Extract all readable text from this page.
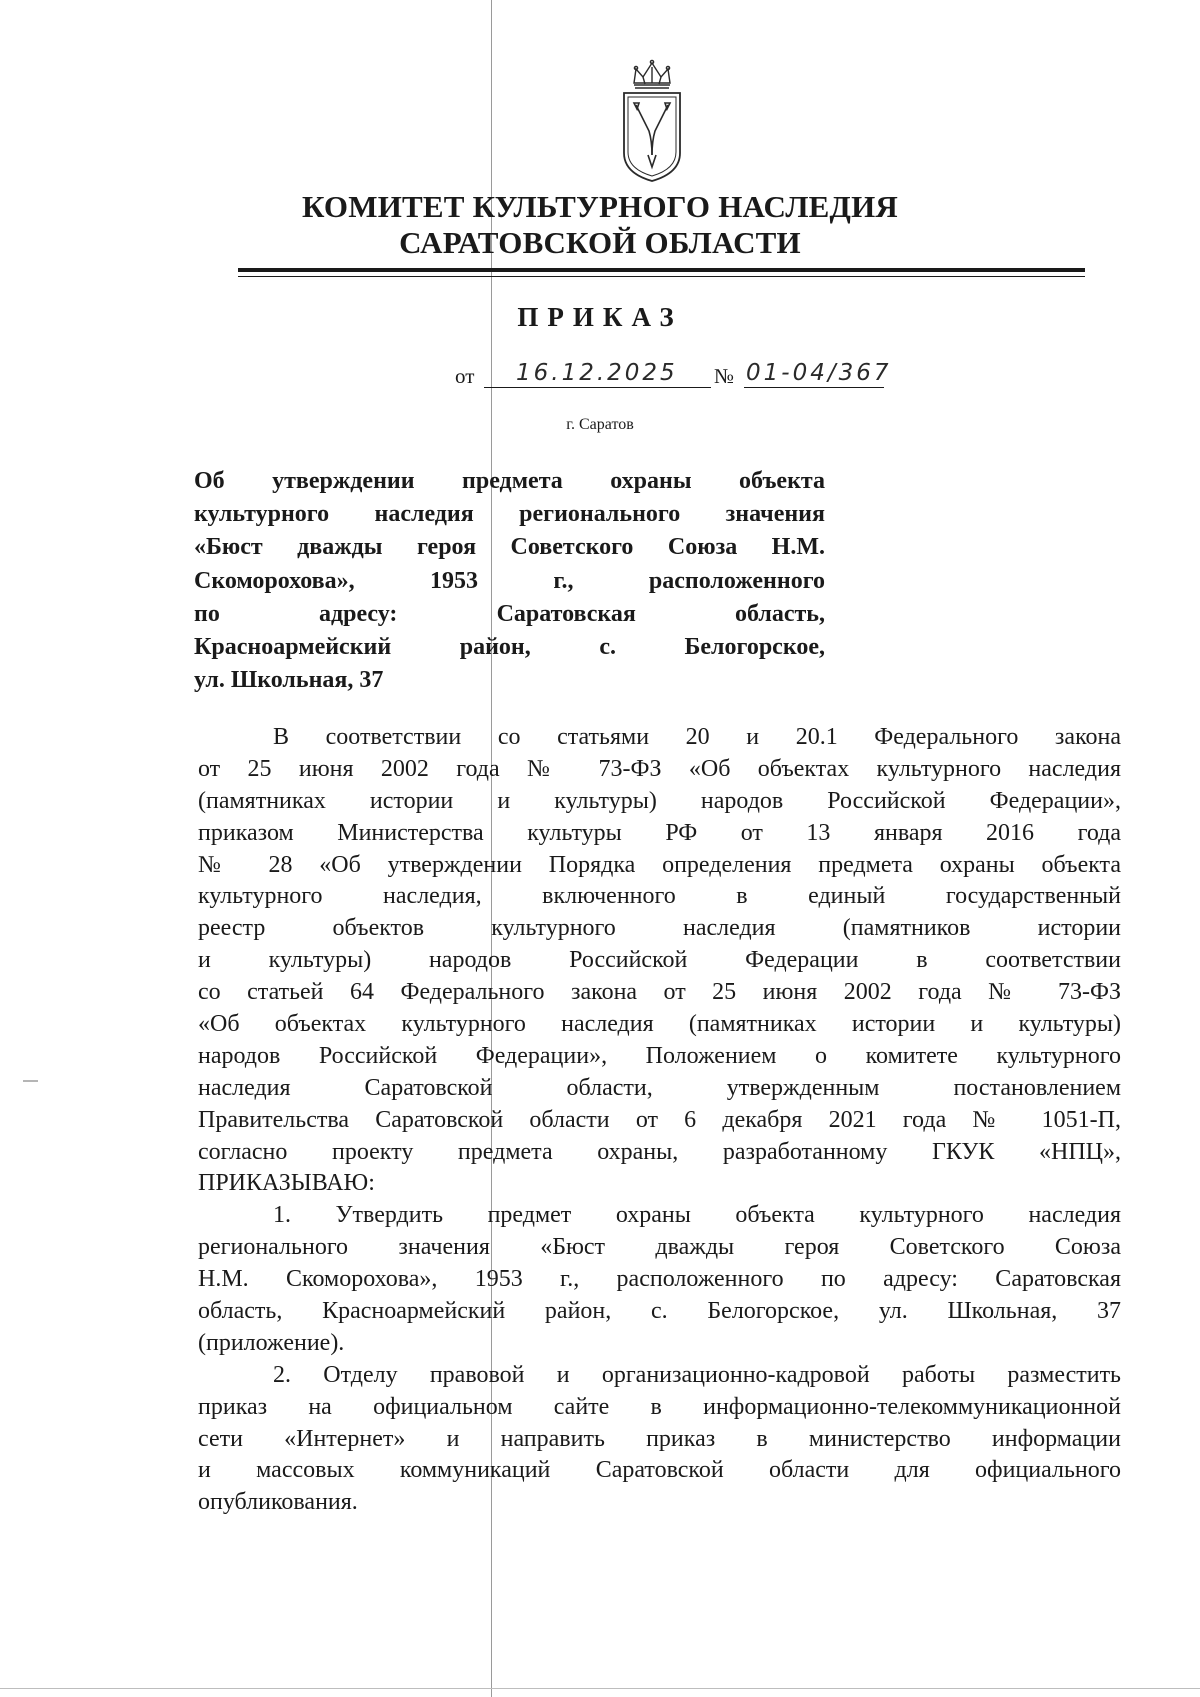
КОМИТЕТ КУЛЬТУРНОГО НАСЛЕДИЯ
САРАТОВСКОЙ ОБЛАСТИ
ПРИКАЗ
от 16.12.2025 № 01-04/367
г. Саратов
Об утверждении предмета охраны объекта
культурного наследия регионального значения
«Бюст дважды героя Советского Союза Н.М.
Скоморохова», 1953 г., расположенного
по адресу: Саратовская область,
Красноармейский район, с. Белогорское,
ул. Школьная, 37
В соответствии со статьями 20 и 20.1 Федерального закона
от 25 июня 2002 года № 73-ФЗ «Об объектах культурного наследия
(памятниках истории и культуры) народов Российской Федерации»,
приказом Министерства культуры РФ от 13 января 2016 года
№ 28 «Об утверждении Порядка определения предмета охраны объекта
культурного наследия, включенного в единый государственный
реестр объектов культурного наследия (памятников истории
и культуры) народов Российской Федерации в соответствии
со статьей 64 Федерального закона от 25 июня 2002 года № 73-ФЗ
«Об объектах культурного наследия (памятниках истории и культуры)
народов Российской Федерации», Положением о комитете культурного
наследия Саратовской области, утвержденным постановлением
Правительства Саратовской области от 6 декабря 2021 года № 1051-П,
согласно проекту предмета охраны, разработанному ГКУК «НПЦ»,
ПРИКАЗЫВАЮ:
1. Утвердить предмет охраны объекта культурного наследия
регионального значения «Бюст дважды героя Советского Союза
Н.М. Скоморохова», 1953 г., расположенного по адресу: Саратовская
область, Красноармейский район, с. Белогорское, ул. Школьная, 37
(приложение).
2. Отделу правовой и организационно-кадровой работы разместить
приказ на официальном сайте в информационно-телекоммуникационной
сети «Интернет» и направить приказ в министерство информации
и массовых коммуникаций Саратовской области для официального
опубликования.
